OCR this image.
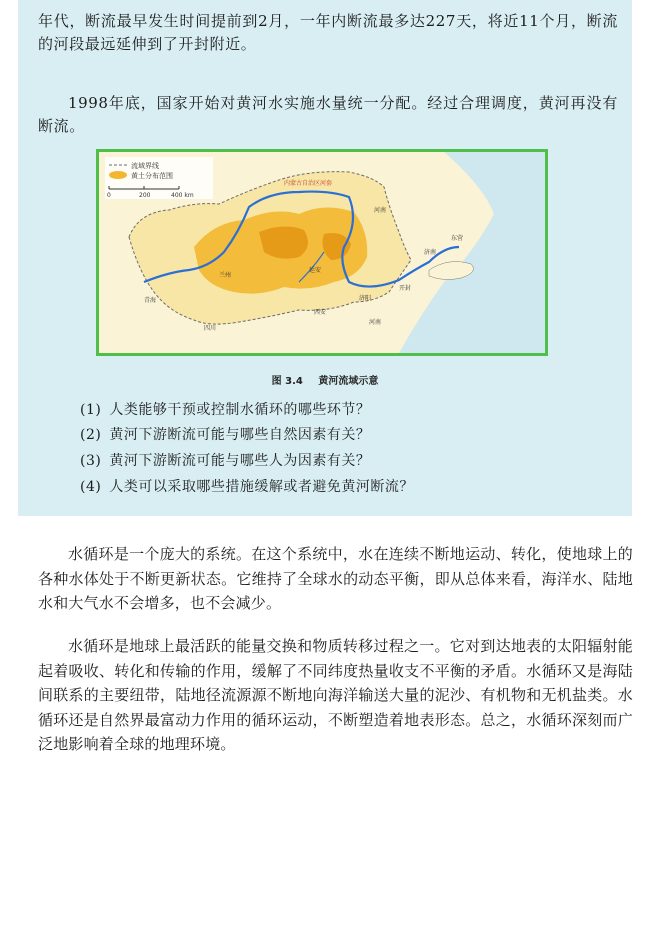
年代，断流最早发生时间提前到2月，一年内断流最多达227天，将近11个月，断流的河段最远延伸到了开封附近。

1998年底，国家开始对黄河水实施水量统一分配。经过合理调度，黄河再没有断流。

流域界线
黄土分布范围
0	200	400 km
内蒙古自治区河套
河南
兰州
延安
西安
济阳
河南
青海
四川
济南
东营
开封
图 3.4 黄河流域示意

(1) 人类能够干预或控制水循环的哪些环节？

(2) 黄河下游断流可能与哪些自然因素有关？

(3) 黄河下游断流可能与哪些人为因素有关？

(4) 人类可以采取哪些措施缓解或者避免黄河断流？

水循环是一个庞大的系统。在这个系统中，水在连续不断地运动、转化，使地球上的各种水体处于不断更新状态。它维持了全球水的动态平衡，即从总体来看，海洋水、陆地水和大气水不会增多，也不会减少。

水循环是地球上最活跃的能量交换和物质转移过程之一。它对到达地表的太阳辐射能起着吸收、转化和传输的作用，缓解了不同纬度热量收支不平衡的矛盾。水循环又是海陆间联系的主要纽带，陆地径流源源不断地向海洋输送大量的泥沙、有机物和无机盐类。水循环还是自然界最富动力作用的循环运动，不断塑造着地表形态。总之，水循环深刻而广泛地影响着全球的地理环境。
